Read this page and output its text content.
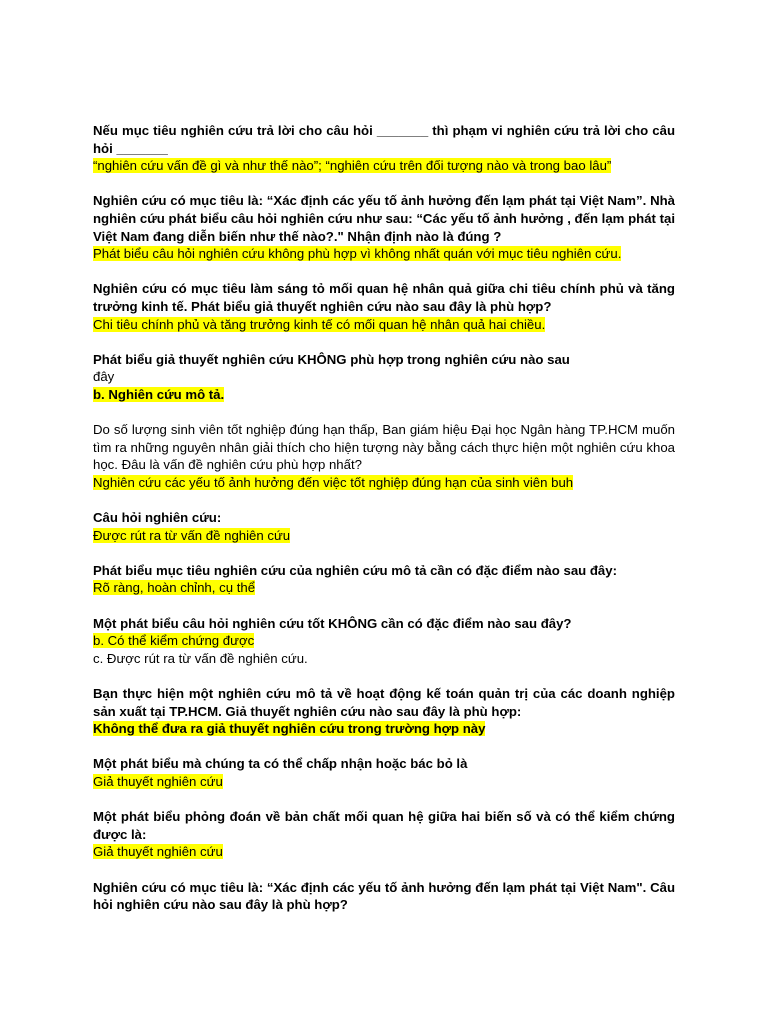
Nếu mục tiêu nghiên cứu trả lời cho câu hỏi _______ thì phạm vi nghiên cứu trả lời cho câu hỏi _______
“nghiên cứu vấn đề gì và như thế nào”; “nghiên cứu trên đối tượng nào và trong bao lâu”
Nghiên cứu có mục tiêu là: “Xác định các yếu tố ảnh hưởng đến lạm phát tại Việt Nam”. Nhà nghiên cứu phát biểu câu hỏi nghiên cứu như sau: “Các yếu tố ảnh hưởng , đến lạm phát tại Việt Nam đang diễn biến như thế nào?." Nhận định nào là đúng ?
Phát biểu câu hỏi nghiên cứu không phù hợp vì không nhất quán với mục tiêu nghiên cứu.
Nghiên cứu có mục tiêu làm sáng tỏ mối quan hệ nhân quả giữa chi tiêu chính phủ và tăng trưởng kinh tế. Phát biểu giả thuyết nghiên cứu nào sau đây là phù hợp?
Chi tiêu chính phủ và tăng trưởng kinh tế có mối quan hệ nhân quả hai chiều.
Phát biểu giả thuyết nghiên cứu KHÔNG phù hợp trong nghiên cứu nào sau
đây
b. Nghiên cứu mô tả.
Do số lượng sinh viên tốt nghiệp đúng hạn thấp, Ban giám hiệu Đại học Ngân hàng TP.HCM muốn tìm ra những nguyên nhân giải thích cho hiện tượng này bằng cách thực hiện một nghiên cứu khoa học. Đâu là vấn đề nghiên cứu phù hợp nhất?
Nghiên cứu các yếu tố ảnh hưởng đến việc tốt nghiệp đúng hạn của sinh viên buh
Câu hỏi nghiên cứu:
Được rút ra từ vấn đề nghiên cứu
Phát biểu mục tiêu nghiên cứu của nghiên cứu mô tả cần có đặc điểm nào sau đây:
Rõ ràng, hoàn chỉnh, cụ thể
Một phát biểu câu hỏi nghiên cứu tốt KHÔNG cần có đặc điểm nào sau đây?
b. Có thể kiểm chứng được
c. Được rút ra từ vấn đề nghiên cứu.
Bạn thực hiện một nghiên cứu mô tả về hoạt động kế toán quản trị của các doanh nghiệp sản xuất tại TP.HCM. Giả thuyết nghiên cứu nào sau đây là phù hợp:
Không thể đưa ra giả thuyết nghiên cứu trong trường hợp này
Một phát biểu mà chúng ta có thể chấp nhận hoặc bác bỏ là
Giả thuyết nghiên cứu
Một phát biểu phỏng đoán về bản chất mối quan hệ giữa hai biến số và có thể kiểm chứng được là:
Giả thuyết nghiên cứu
Nghiên cứu có mục tiêu là: “Xác định các yếu tố ảnh hưởng đến lạm phát tại Việt Nam". Câu hỏi nghiên cứu nào sau đây là phù hợp?
